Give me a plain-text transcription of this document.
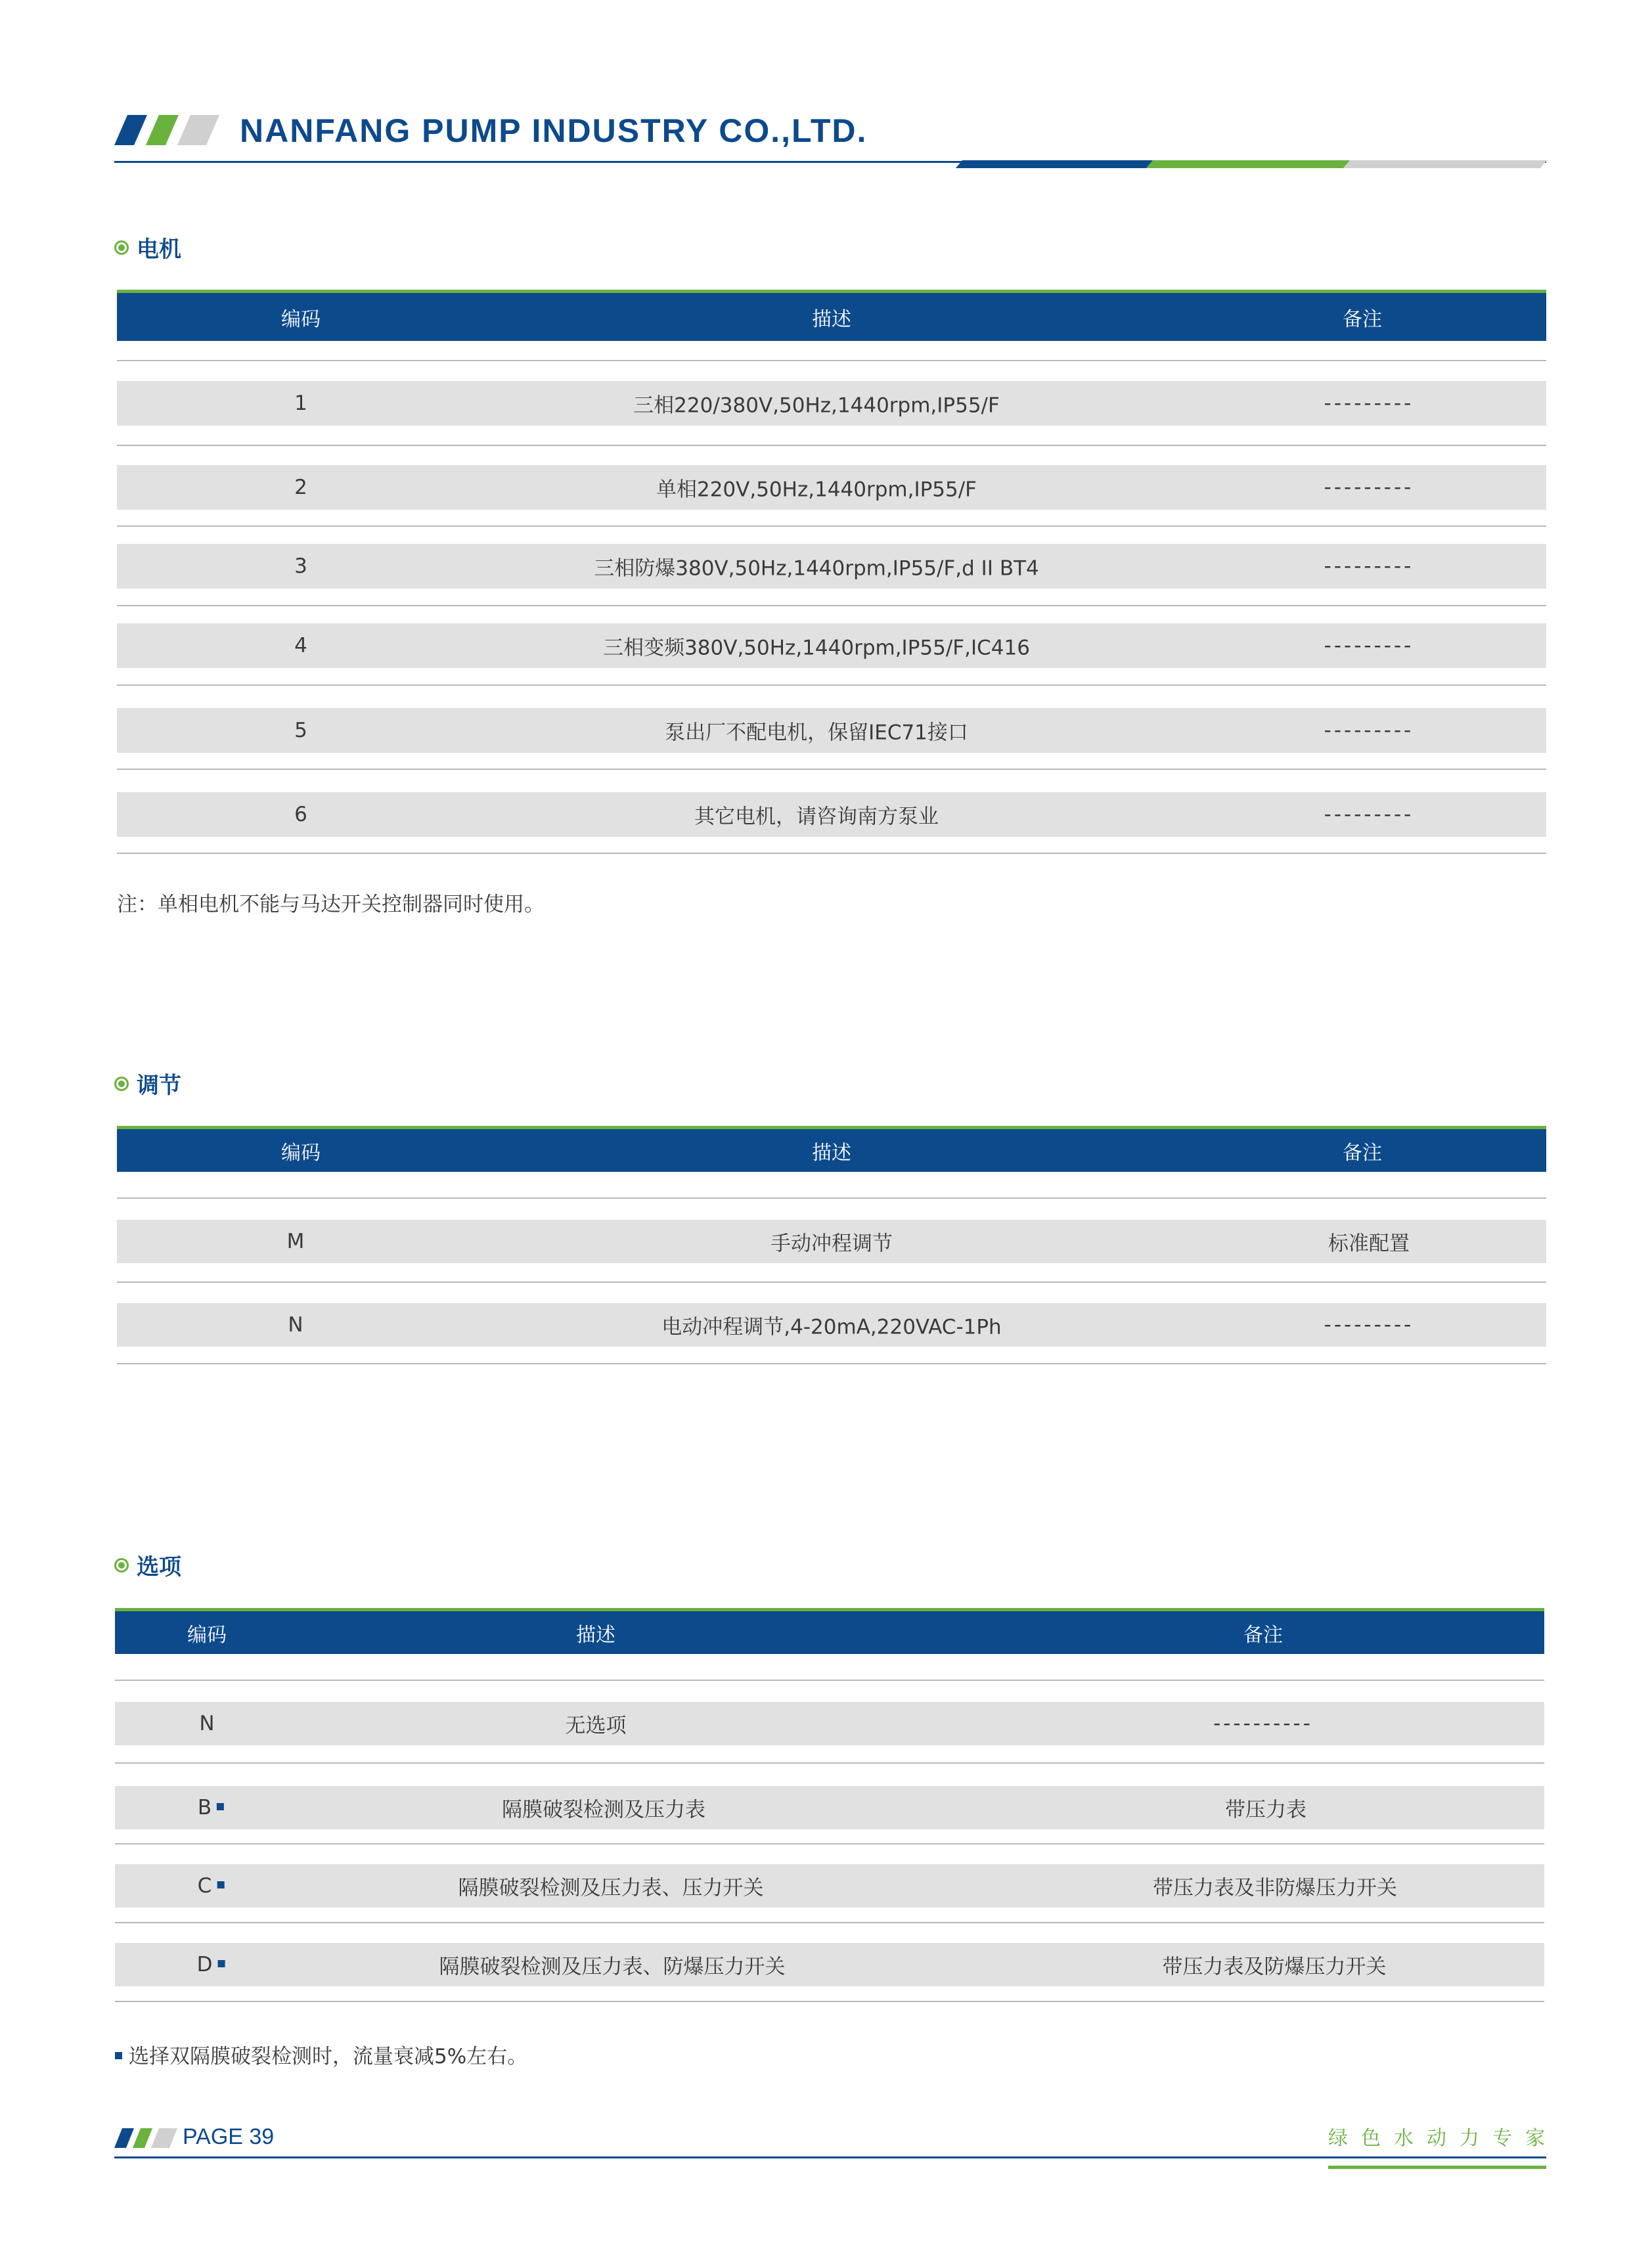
NANFANG PUMP INDUSTRY CO.,LTD.
电机
编码	描述	备注
1	三相220/380V,50Hz,1440rpm,IP55/F	---------
2	单相220V,50Hz,1440rpm,IP55/F	---------
3	三相防爆380V,50Hz,1440rpm,IP55/F,d II BT4	---------
4	三相变频380V,50Hz,1440rpm,IP55/F,IC416	---------
5	泵出厂不配电机，保留IEC71接口	---------
6	其它电机，请咨询南方泵业	---------
注：单相电机不能与马达开关控制器同时使用。
调节
编码	描述	备注
M	手动冲程调节	标准配置
N	电动冲程调节,4-20mA,220VAC-1Ph	---------
选项
编码	描述	备注
N	无选项	----------
B	隔膜破裂检测及压力表	带压力表
C	隔膜破裂检测及压力表、压力开关	带压力表及非防爆压力开关
D	隔膜破裂检测及压力表、防爆压力开关	带压力表及防爆压力开关
选择双隔膜破裂检测时，流量衰减5%左右。
PAGE 39	绿色水动力专家
